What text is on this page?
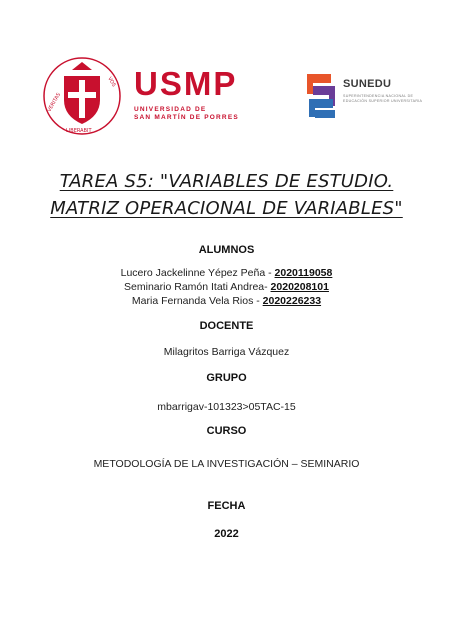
VERITAS
VOS
LIBERABIT
USMP
UNIVERSIDAD DE
SAN MARTÍN DE PORRES
SUNEDU
SUPERINTENDENCIA NACIONAL DE EDUCACIÓN SUPERIOR UNIVERSITARIA
TAREA S5: "VARIABLES DE ESTUDIO.
MATRIZ OPERACIONAL DE VARIABLES"
ALUMNOS
Lucero Jackelinne Yépez Peña - 2020119058
Seminario Ramón Itati Andrea- 2020208101
Maria Fernanda Vela Rios - 2020226233
DOCENTE
Milagritos Barriga Vázquez
GRUPO
mbarrigav-101323>05TAC-15
CURSO
METODOLOGÍA DE LA INVESTIGACIÓN – SEMINARIO
FECHA
2022
